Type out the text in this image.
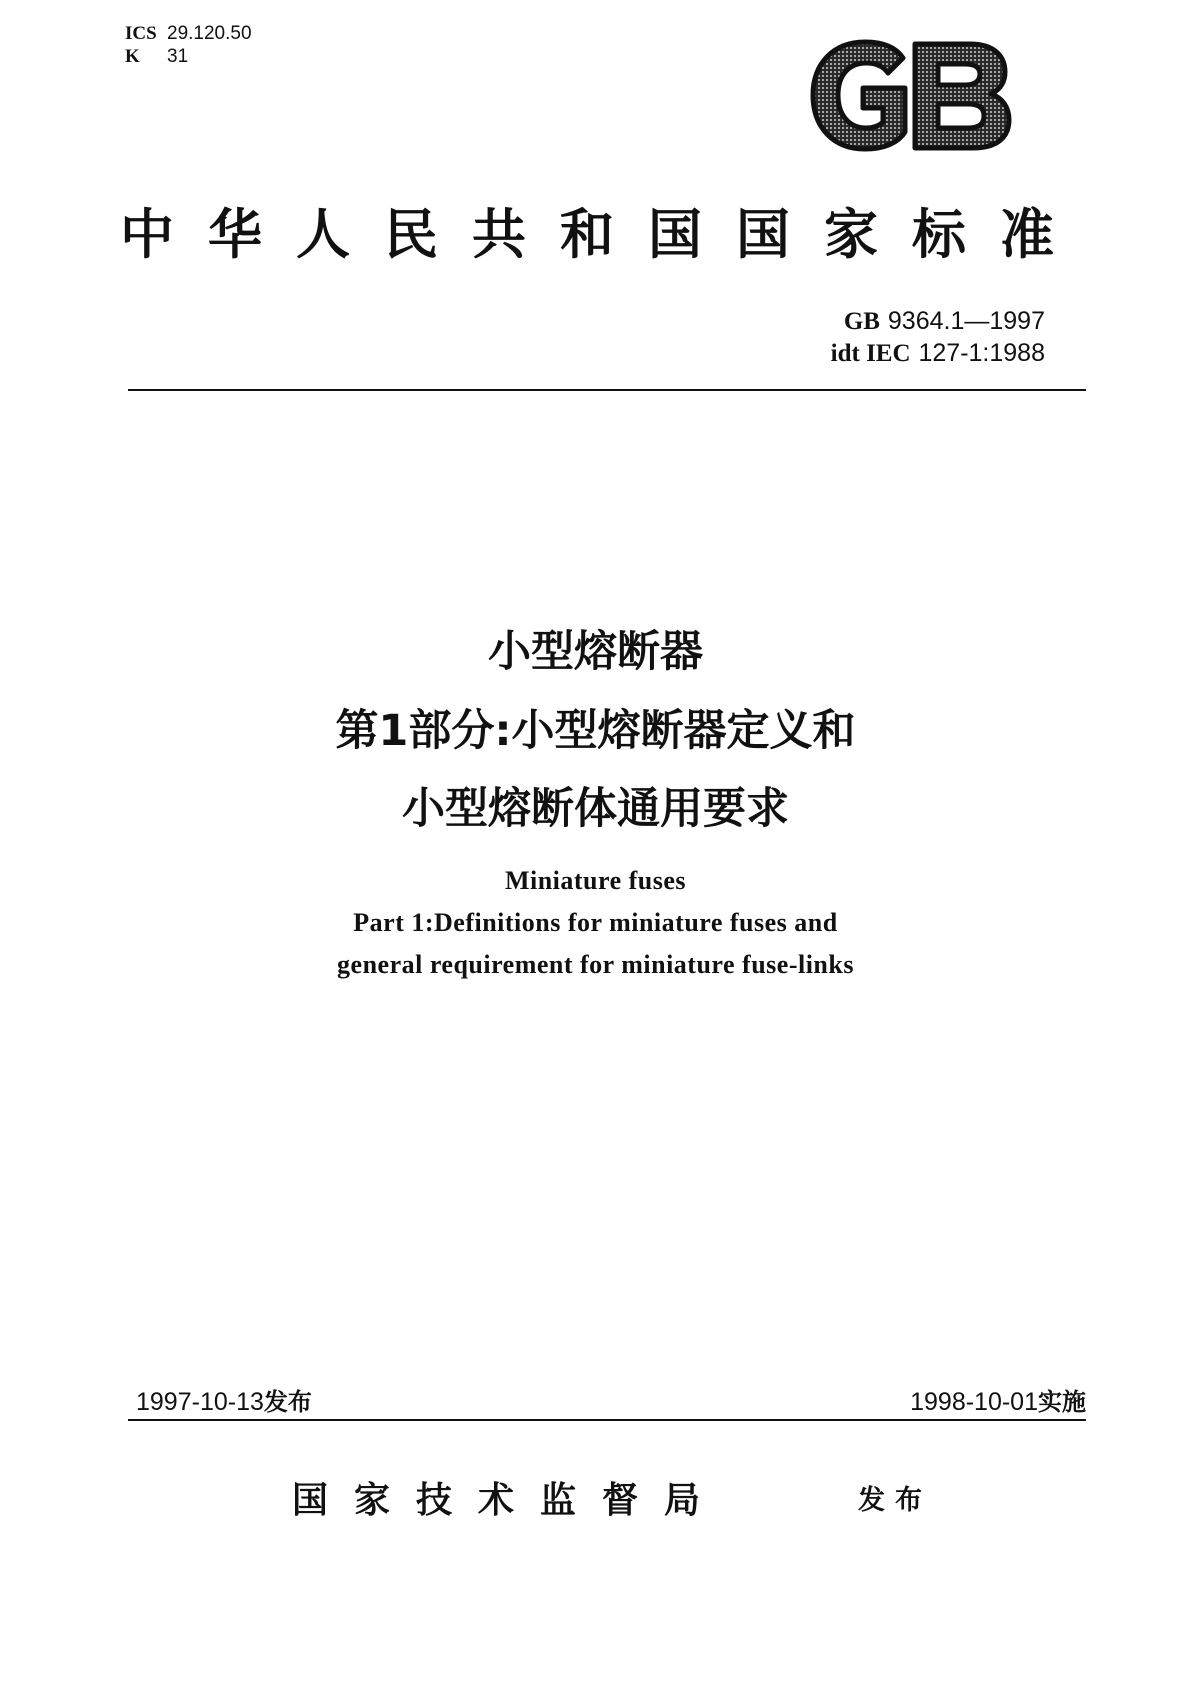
ICS 29.120.50
K 31
中华人民共和国国家标准
GB 9364.1—1997
idt IEC 127-1:1988
小型熔断器
第1部分:小型熔断器定义和
小型熔断体通用要求
Miniature fuses
Part 1:Definitions for miniature fuses and
general requirement for miniature fuse-links
1997-10-13发布	1998-10-01实施
国家技术监督局	发布
